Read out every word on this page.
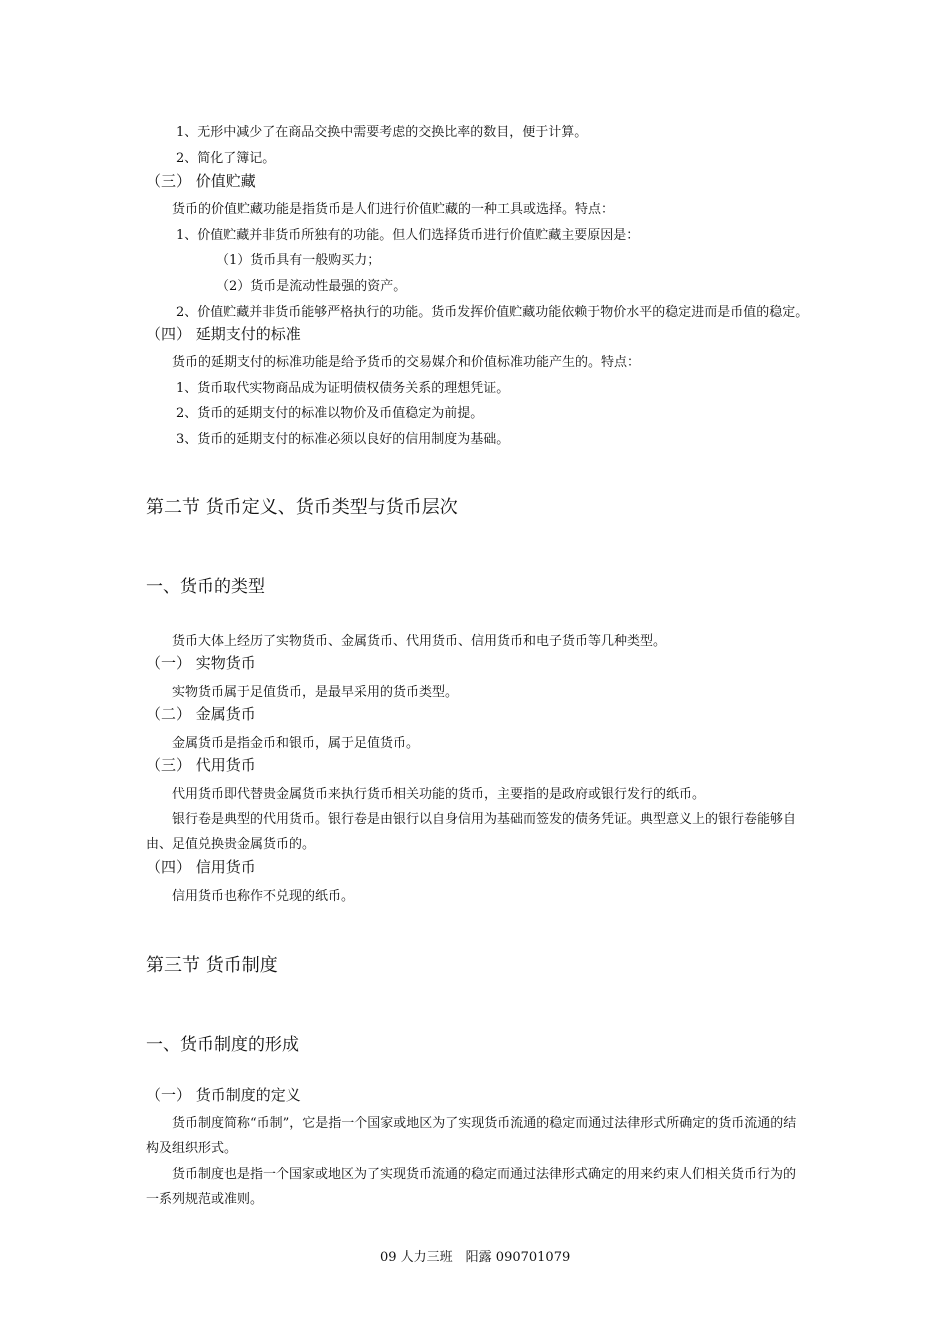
1、无形中减少了在商品交换中需要考虑的交换比率的数目，便于计算。
2、简化了簿记。
（三） 价值贮藏
货币的价值贮藏功能是指货币是人们进行价值贮藏的一种工具或选择。特点：
1、价值贮藏并非货币所独有的功能。但人们选择货币进行价值贮藏主要原因是：
（1）货币具有一般购买力；
（2）货币是流动性最强的资产。
2、价值贮藏并非货币能够严格执行的功能。货币发挥价值贮藏功能依赖于物价水平的稳定进而是币值的稳定。
（四） 延期支付的标准
货币的延期支付的标准功能是给予货币的交易媒介和价值标准功能产生的。特点：
1、货币取代实物商品成为证明债权债务关系的理想凭证。
2、货币的延期支付的标准以物价及币值稳定为前提。
3、货币的延期支付的标准必须以良好的信用制度为基础。
第二节 货币定义、货币类型与货币层次
一、货币的类型
货币大体上经历了实物货币、金属货币、代用货币、信用货币和电子货币等几种类型。
（一） 实物货币
实物货币属于足值货币，是最早采用的货币类型。
（二） 金属货币
金属货币是指金币和银币，属于足值货币。
（三） 代用货币
代用货币即代替贵金属货币来执行货币相关功能的货币，主要指的是政府或银行发行的纸币。
银行卷是典型的代用货币。银行卷是由银行以自身信用为基础而签发的债务凭证。典型意义上的银行卷能够自
由、足值兑换贵金属货币的。
（四） 信用货币
信用货币也称作不兑现的纸币。
第三节 货币制度
一、货币制度的形成
（一） 货币制度的定义
货币制度简称“币制”，它是指一个国家或地区为了实现货币流通的稳定而通过法律形式所确定的货币流通的结
构及组织形式。
货币制度也是指一个国家或地区为了实现货币流通的稳定而通过法律形式确定的用来约束人们相关货币行为的
一系列规范或准则。
09 人力三班　阳露 090701079
